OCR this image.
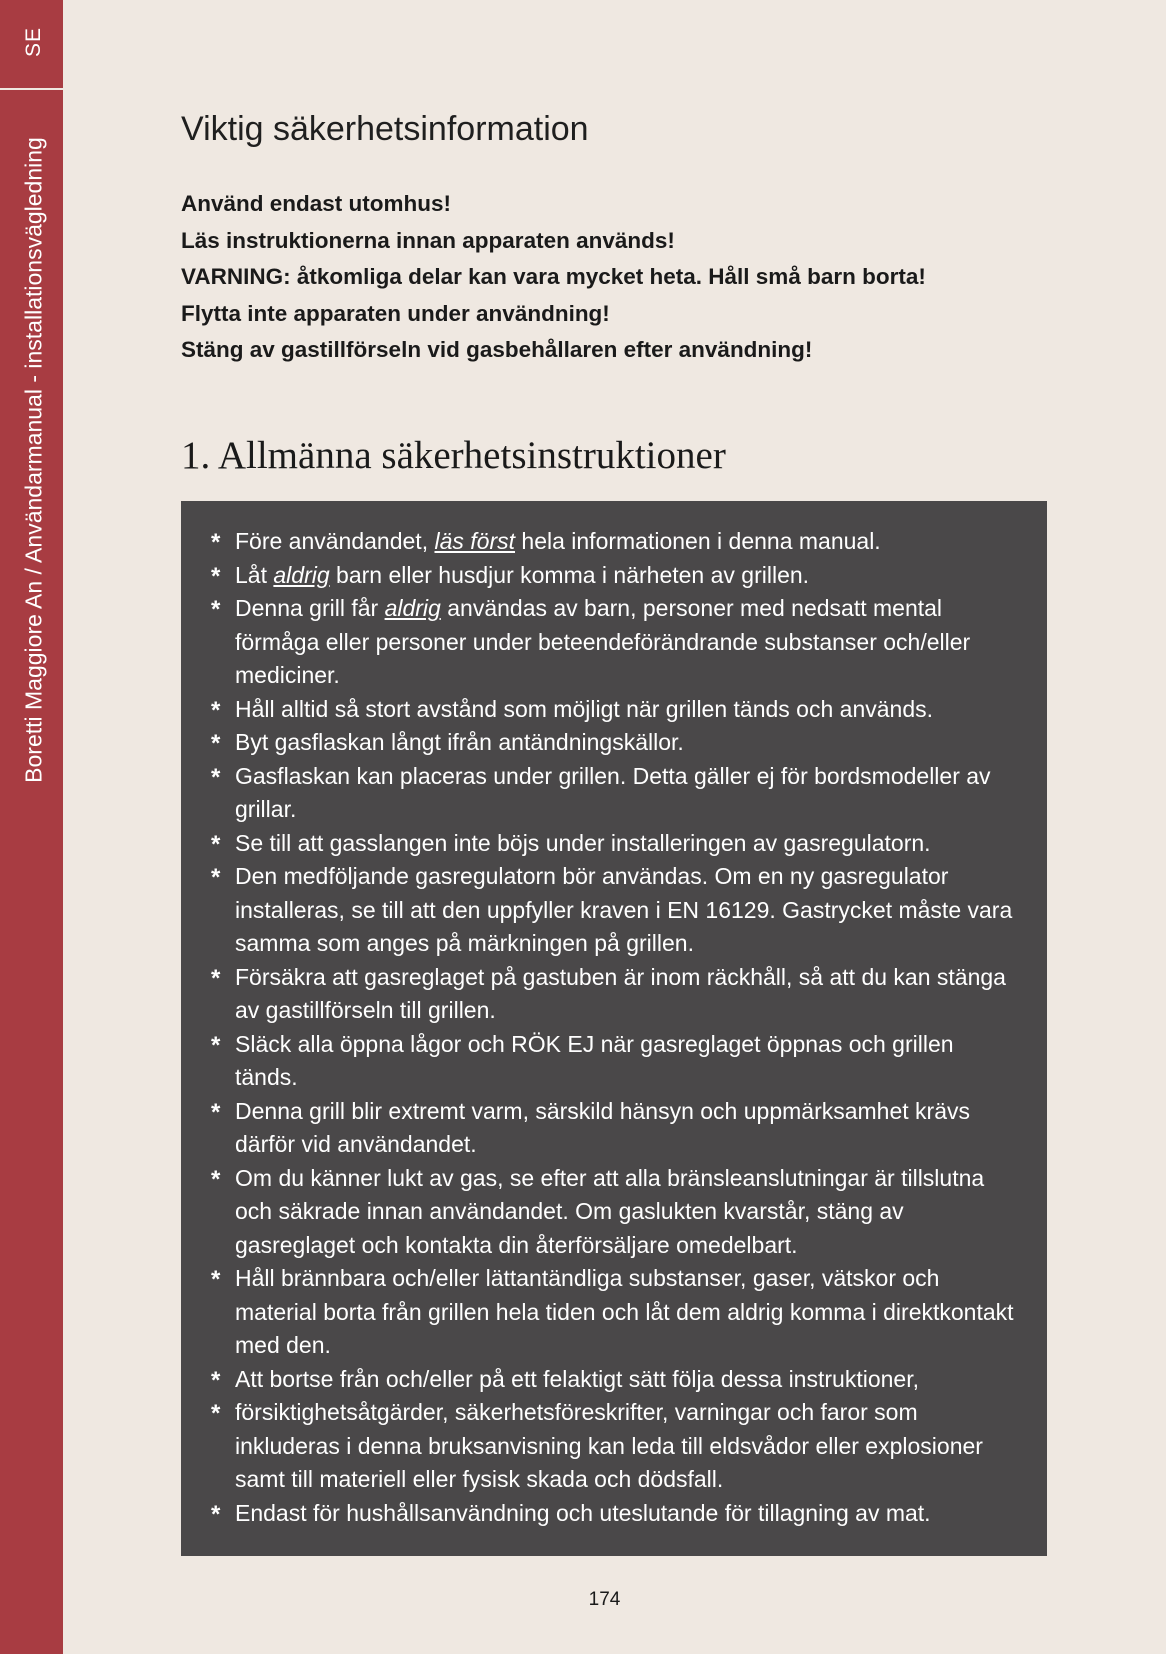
SE
Boretti Maggiore An / Användarmanual - installationsvägledning
Viktig säkerhetsinformation
Använd endast utomhus!
Läs instruktionerna innan apparaten används!
VARNING: åtkomliga delar kan vara mycket heta. Håll små barn borta!
Flytta inte apparaten under användning!
Stäng av gastillförseln vid gasbehållaren efter användning!
1. Allmänna säkerhetsinstruktioner
* Före användandet, läs först hela informationen i denna manual.
* Låt aldrig barn eller husdjur komma i närheten av grillen.
* Denna grill får aldrig användas av barn, personer med nedsatt mental förmåga eller personer under beteendeförändrande substanser och/eller mediciner.
* Håll alltid så stort avstånd som möjligt när grillen tänds och används.
* Byt gasflaskan långt ifrån antändningskällor.
* Gasflaskan kan placeras under grillen. Detta gäller ej för bordsmodeller av grillar.
* Se till att gasslangen inte böjs under installeringen av gasregulatorn.
* Den medföljande gasregulatorn bör användas. Om en ny gasregulator installeras, se till att den uppfyller kraven i EN 16129. Gastrycket måste vara samma som anges på märkningen på grillen.
* Försäkra att gasreglaget på gastuben är inom räckhåll, så att du kan stänga av gastillförseln till grillen.
* Släck alla öppna lågor och RÖK EJ när gasreglaget öppnas och grillen tänds.
* Denna grill blir extremt varm, särskild hänsyn och uppmärksamhet krävs därför vid användandet.
* Om du känner lukt av gas, se efter att alla bränsleanslutningar är tillslutna och säkrade innan användandet. Om gaslukten kvarstår, stäng av gasreglaget och kontakta din återförsäljare omedelbart.
* Håll brännbara och/eller lättantändliga substanser, gaser, vätskor och material borta från grillen hela tiden och låt dem aldrig komma i direktkontakt med den.
* Att bortse från och/eller på ett felaktigt sätt följa dessa instruktioner,
* försiktighetsåtgärder, säkerhetsföreskrifter, varningar och faror som inkluderas i denna bruksanvisning kan leda till eldsvådor eller explosioner samt till materiell eller fysisk skada och dödsfall.
* Endast för hushållsanvändning och uteslutande för tillagning av mat.
174
